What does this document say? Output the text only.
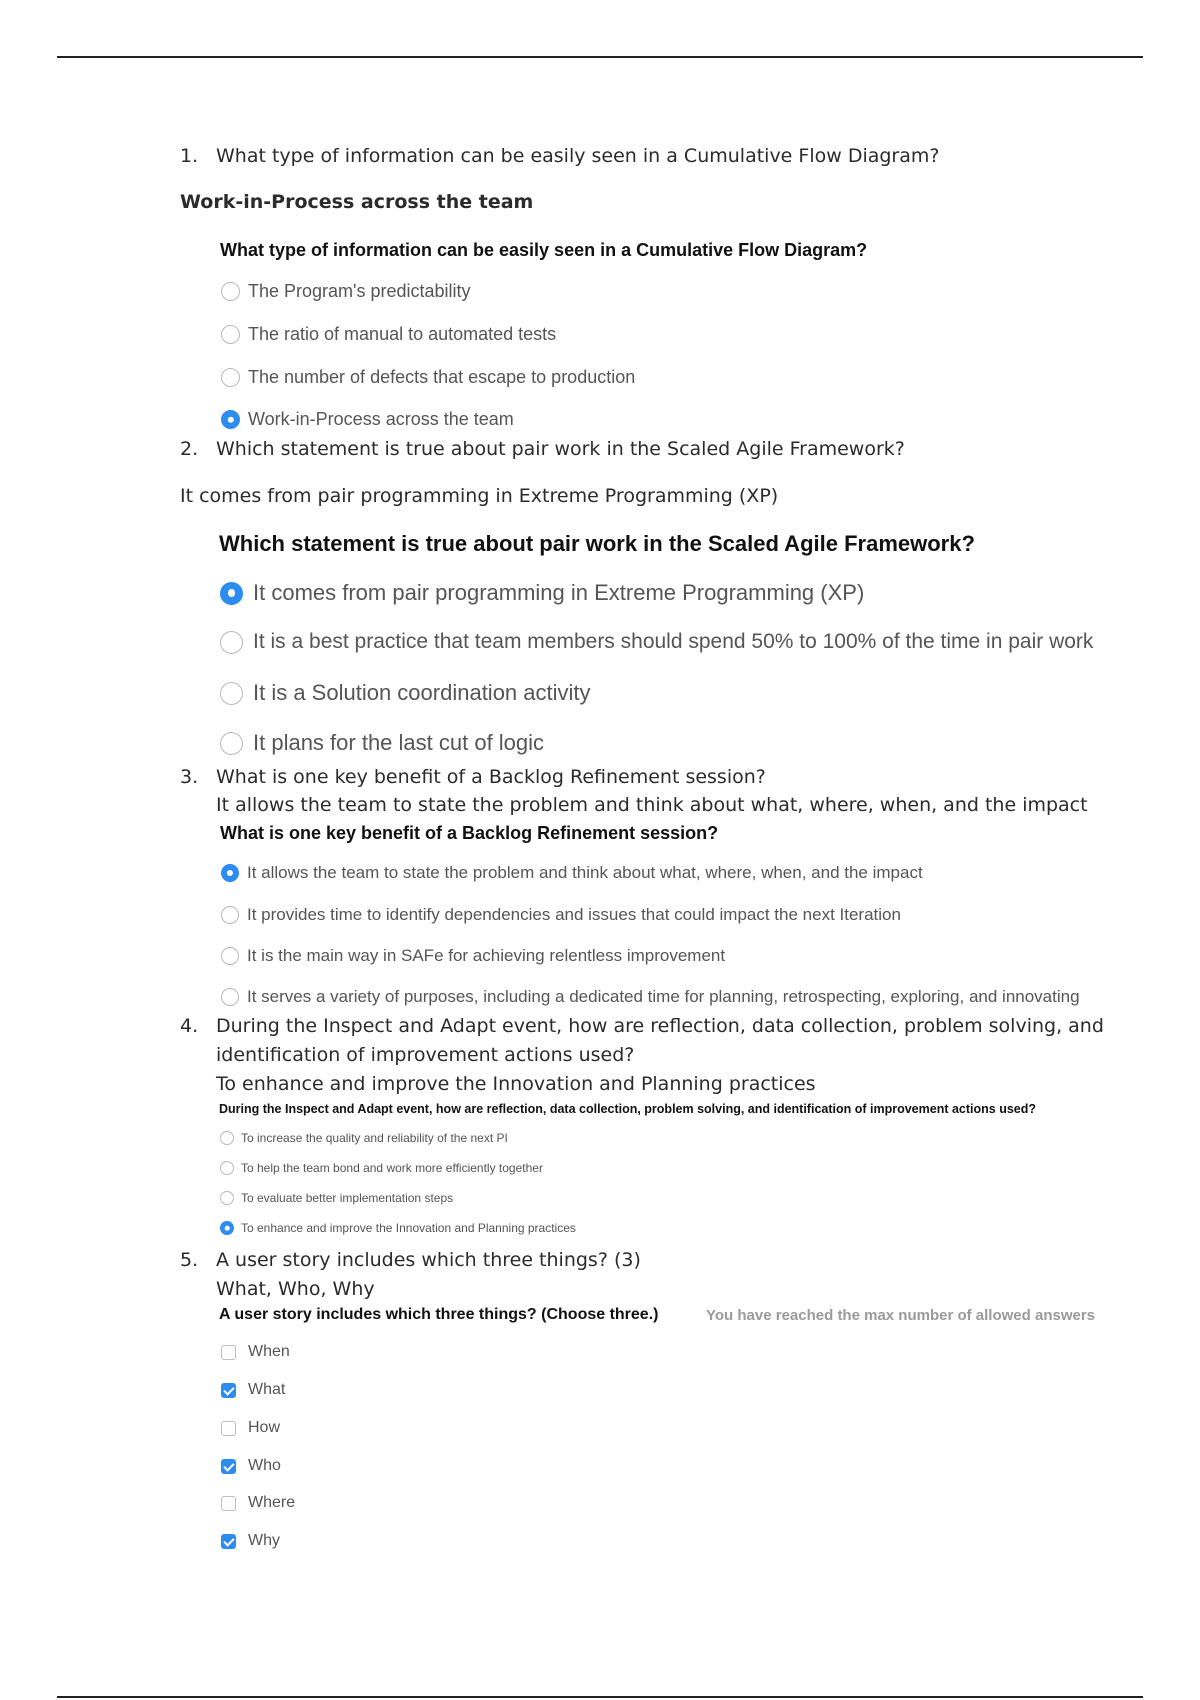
1. What type of information can be easily seen in a Cumulative Flow Diagram?
Work-in-Process across the team
What type of information can be easily seen in a Cumulative Flow Diagram?
The Program's predictability
The ratio of manual to automated tests
The number of defects that escape to production
Work-in-Process across the team
2. Which statement is true about pair work in the Scaled Agile Framework?
It comes from pair programming in Extreme Programming (XP)
Which statement is true about pair work in the Scaled Agile Framework?
It comes from pair programming in Extreme Programming (XP)
It is a best practice that team members should spend 50% to 100% of the time in pair work
It is a Solution coordination activity
It plans for the last cut of logic
3. What is one key benefit of a Backlog Refinement session?
It allows the team to state the problem and think about what, where, when, and the impact
What is one key benefit of a Backlog Refinement session?
It allows the team to state the problem and think about what, where, when, and the impact
It provides time to identify dependencies and issues that could impact the next Iteration
It is the main way in SAFe for achieving relentless improvement
It serves a variety of purposes, including a dedicated time for planning, retrospecting, exploring, and innovating
4. During the Inspect and Adapt event, how are reflection, data collection, problem solving, and
identification of improvement actions used?
To enhance and improve the Innovation and Planning practices
During the Inspect and Adapt event, how are reflection, data collection, problem solving, and identification of improvement actions used?
To increase the quality and reliability of the next PI
To help the team bond and work more efficiently together
To evaluate better implementation steps
To enhance and improve the Innovation and Planning practices
5. A user story includes which three things? (3)
What, Who, Why
A user story includes which three things? (Choose three.)	You have reached the max number of allowed answers
When
What
How
Who
Where
Why
